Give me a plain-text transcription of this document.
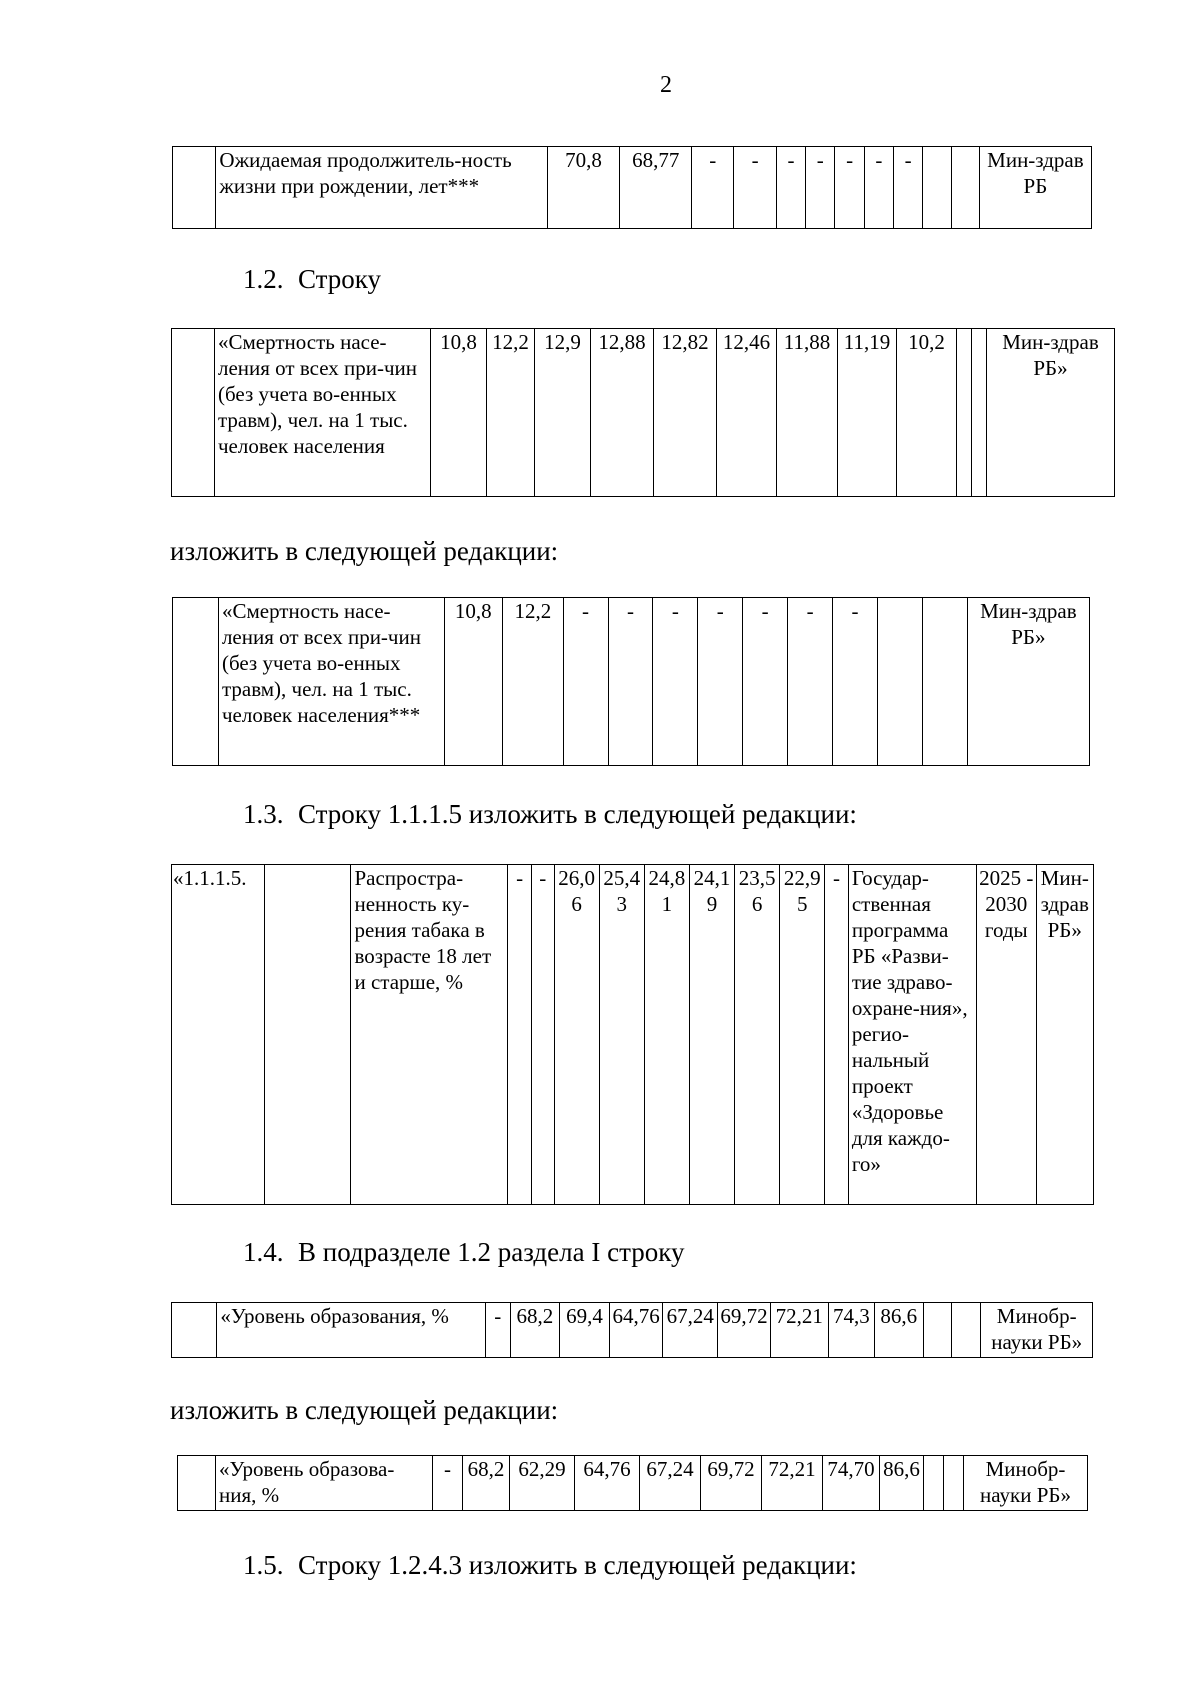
2
	Ожидаемая продолжитель-ность жизни при рождении, лет***	70,8	68,77	-	-	-	-	-	-	-			Мин-здрав РБ
1.2. Строку
	«Смертность насе-ления от всех при-чин (без учета во-енных травм), чел. на 1 тыс. человек населения	10,8	12,2	12,9	12,88	12,82	12,46	11,88	11,19	10,2			Мин-здрав РБ»
изложить в следующей редакции:
	«Смертность насе-ления от всех при-чин (без учета во-енных травм), чел. на 1 тыс. человек населения***	10,8	12,2	-	-	-	-	-	-	-			Мин-здрав РБ»
1.3. Строку 1.1.1.5 изложить в следующей редакции:
«1.1.1.5.		Распростра-ненность ку-рения табака в возрасте 18 лет и старше, %	-	-	26,06	25,43	24,81	24,19	23,56	22,95	-	Государ-ственная программа РБ «Разви-тие здраво-охране-ния», регио-нальный проект «Здоровье для каждо-го»	2025 - 2030 годы	Мин-здрав РБ»
1.4. В подразделе 1.2 раздела I строку
	«Уровень образования, %	-	68,2	69,4	64,76	67,24	69,72	72,21	74,3	86,6			Минобр-науки РБ»
изложить в следующей редакции:
	«Уровень образова-ния, %	-	68,2	62,29	64,76	67,24	69,72	72,21	74,70	86,6			Минобр-науки РБ»
1.5. Строку 1.2.4.3 изложить в следующей редакции:
